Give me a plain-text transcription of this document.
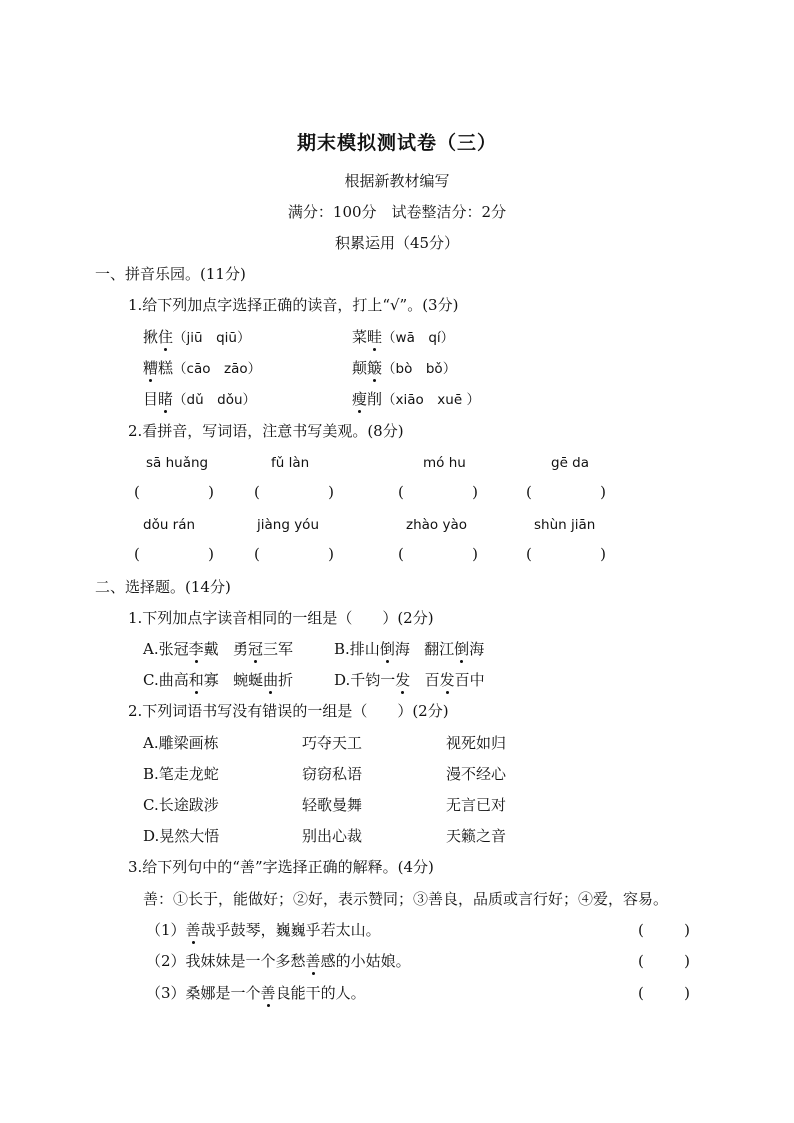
期末模拟测试卷（三）
根据新教材编写
满分：100分　试卷整洁分：2分
积累运用（45分）
一、拼音乐园。(11分)
1.给下列加点字选择正确的读音，打上“√”。(3分)
揪住（jiū　qiū）	菜畦（wā　qí）
糟糕（cāo　zāo）	颠簸（bò　bǒ）
目睹（dǔ　dǒu）	瘦削（xiāo　xuē ）
2.看拼音，写词语，注意书写美观。(8分)
sā huǎng	fǔ làn	mó hu	gē da
(	)	(	)	(	)	(	)
dǒu rán	jiàng yóu	zhào yào	shùn jiān
(	)	(	)	(	)	(	)
二、选择题。(14分)
1.下列加点字读音相同的一组是（　　）(2分)
A.张冠李戴 勇冠三军	B.排山倒海 翻江倒海
C.曲高和寡 蜿蜒曲折	D.千钧一发 百发百中
2.下列词语书写没有错误的一组是（　　）(2分)
A.雕梁画栋	巧夺天工	视死如归
B.笔走龙蛇	窃窃私语	漫不经心
C.长途跋涉	轻歌曼舞	无言已对
D.晃然大悟	别出心裁	天籁之音
3.给下列句中的“善”字选择正确的解释。(4分)
善：①长于，能做好；②好，表示赞同；③善良，品质或言行好；④爱，容易。
（1）善哉乎鼓琴，巍巍乎若太山。	(	)
（2）我妹妹是一个多愁善感的小姑娘。	(	)
（3）桑娜是一个善良能干的人。	(	)
